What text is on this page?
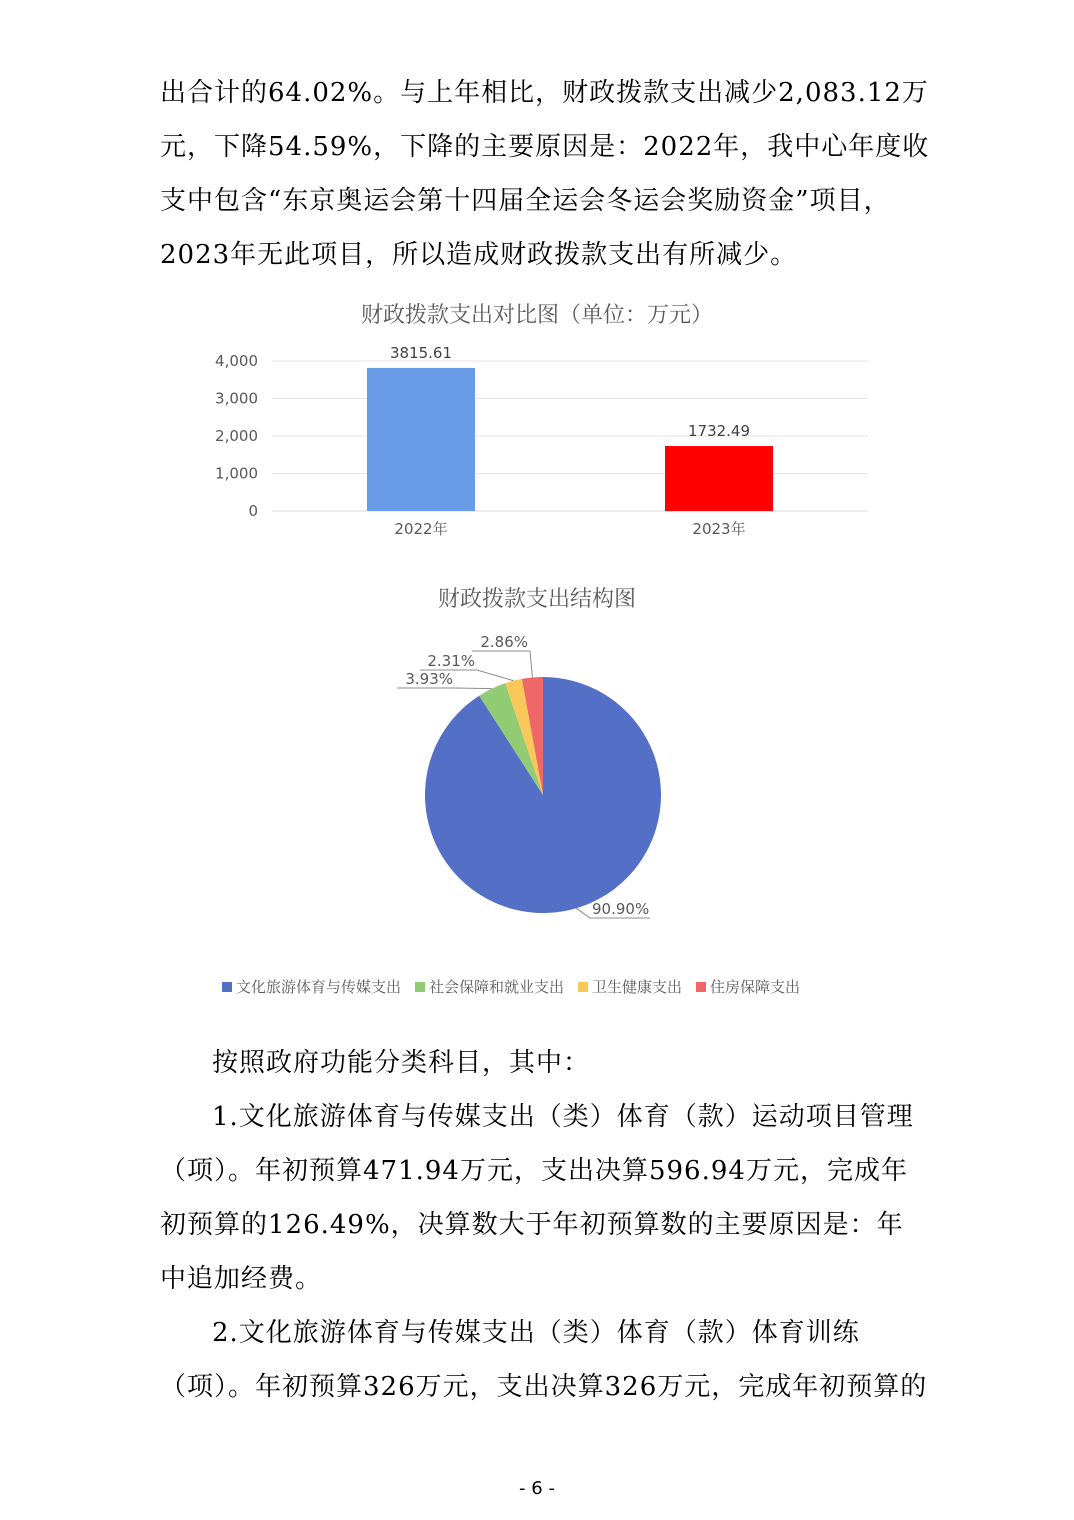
出合计的64.02%。与上年相比，财政拨款支出减少2,083.12万元，下降54.59%，下降的主要原因是：2022年，我中心年度收支中包含“东京奥运会第十四届全运会冬运会奖励资金”项目，2023年无此项目，所以造成财政拨款支出有所减少。

财政拨款支出对比图（单位：万元）
0
1,000
2,000
3,000
4,000	3815.61
2022年
1732.49
2023年
财政拨款支出结构图
90.90%
3.93%
2.31%
2.86%
文化旅游体育与传媒支出 社会保障和就业支出 卫生健康支出 住房保障支出

按照政府功能分类科目，其中：

1.文化旅游体育与传媒支出（类）体育（款）运动项目管理（项）。年初预算471.94万元，支出决算596.94万元，完成年初预算的126.49%，决算数大于年初预算数的主要原因是：年中追加经费。

2.文化旅游体育与传媒支出（类）体育（款）体育训练（项）。年初预算326万元，支出决算326万元，完成年初预算的

- 6 -
